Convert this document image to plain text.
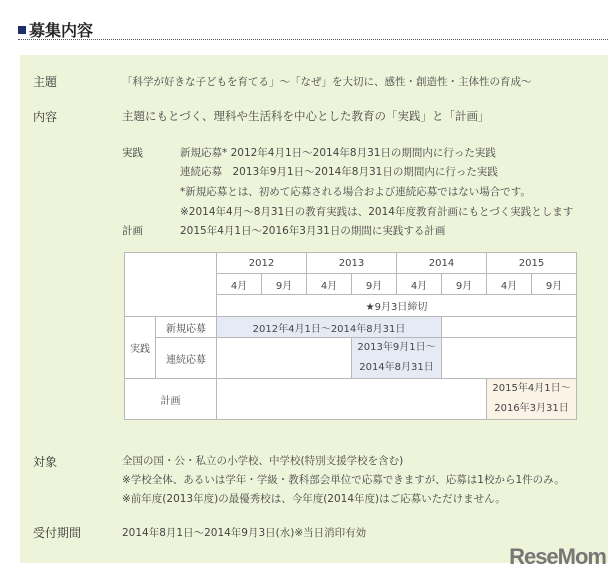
募集内容
主題	「科学が好きな子どもを育てる」～「なぜ」を大切に、感性・創造性・主体性の育成～
内容	主題にもとづく、理科や生活科を中心とした教育の「実践」と「計画」
実践	新規応募* 2012年4月1日～2014年8月31日の期間内に行った実践
連続応募　2013年9月1日～2014年8月31日の期間内に行った実践
*新規応募とは、初めて応募される場合および連続応募ではない場合です。
※2014年4月～8月31日の教育実践は、2014年度教育計画にもとづく実践とします
計画	2015年4月1日～2016年3月31日の期間に実践する計画
		2012		2013		2014		2015	
		4月	9月	4月	9月	4月	9月	4月	9月
		★9月3日締切							
実践	新規応募	2012年4月1日～2014年8月31日							
	連続応募				2013年9月1日～
2014年8月31日				
計画								2015年4月1日～
2016年3月31日	
対象	全国の国・公・私立の小学校、中学校(特別支援学校を含む)
※学校全体、あるいは学年・学級・教科部会単位で応募できますが、応募は1校から1件のみ。
※前年度(2013年度)の最優秀校は、今年度(2014年度)はご応募いただけません。
受付期間	2014年8月1日～2014年9月3日(水)※当日消印有効
ReseMom
